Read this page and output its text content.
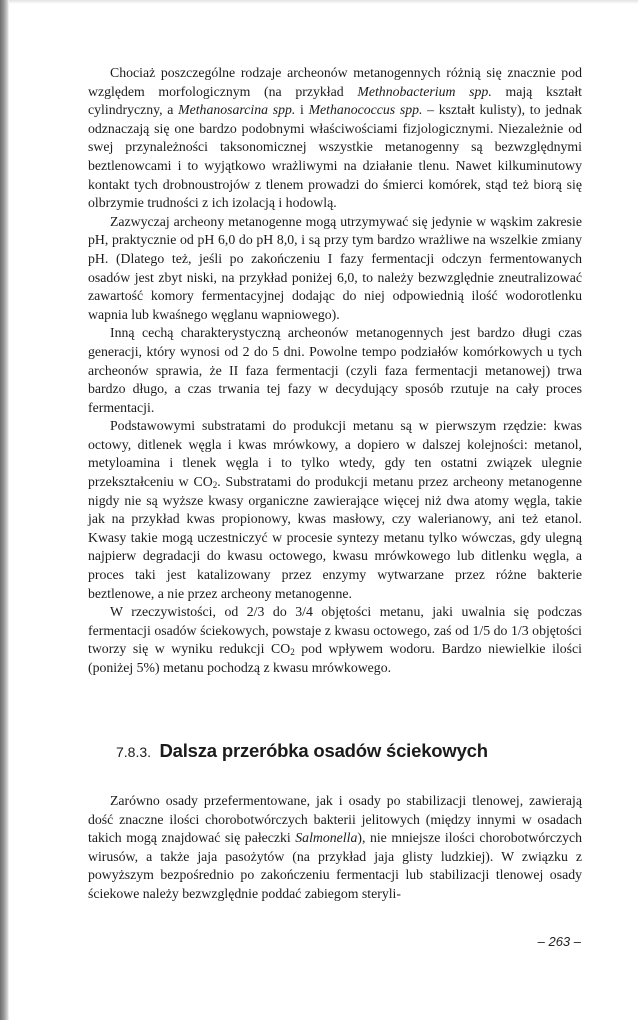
Chociaż poszczególne rodzaje archeonów metanogennych różnią się znacznie pod względem morfologicznym (na przykład Methnobacterium spp. mają kształt cylindryczny, a Methanosarcina spp. i Methanococcus spp. – kształt kulisty), to jednak odznaczają się one bardzo podobnymi właściwościami fizjologicznymi. Niezależnie od swej przynależności taksonomicznej wszystkie metanogenny są bezwzględnymi beztlenowcami i to wyjątkowo wrażliwymi na działanie tlenu. Nawet kilkuminutowy kontakt tych drobnoustrojów z tlenem prowadzi do śmierci komórek, stąd też biorą się olbrzymie trudności z ich izolacją i hodowlą.

Zazwyczaj archeony metanogenne mogą utrzymywać się jedynie w wąskim zakresie pH, praktycznie od pH 6,0 do pH 8,0, i są przy tym bardzo wrażliwe na wszelkie zmiany pH. (Dlatego też, jeśli po zakończeniu I fazy fermentacji odczyn fermentowanych osadów jest zbyt niski, na przykład poniżej 6,0, to należy bezwzględnie zneutralizować zawartość komory fermentacyjnej dodając do niej odpowiednią ilość wodorotlenku wapnia lub kwaśnego węglanu wapniowego).

Inną cechą charakterystyczną archeonów metanogennych jest bardzo długi czas generacji, który wynosi od 2 do 5 dni. Powolne tempo podziałów komórkowych u tych archeonów sprawia, że II faza fermentacji (czyli faza fermentacji metanowej) trwa bardzo długo, a czas trwania tej fazy w decydujący sposób rzutuje na cały proces fermentacji.

Podstawowymi substratami do produkcji metanu są w pierwszym rzędzie: kwas octowy, ditlenek węgla i kwas mrówkowy, a dopiero w dalszej kolejności: metanol, metyloamina i tlenek węgla i to tylko wtedy, gdy ten ostatni związek ulegnie przekształceniu w $CO_2$. Substratami do produkcji metanu przez archeony metanogenne nigdy nie są wyższe kwasy organiczne zawierające więcej niż dwa atomy węgla, takie jak na przykład kwas propionowy, kwas masłowy, czy walerianowy, ani też etanol. Kwasy takie mogą uczestniczyć w procesie syntezy metanu tylko wówczas, gdy ulegną najpierw degradacji do kwasu octowego, kwasu mrówkowego lub ditlenku węgla, a proces taki jest katalizowany przez enzymy wytwarzane przez różne bakterie beztlenowe, a nie przez archeony metanogenne.

W rzeczywistości, od 2/3 do 3/4 objętości metanu, jaki uwalnia się podczas fermentacji osadów ściekowych, powstaje z kwasu octowego, zaś od 1/5 do 1/3 objętości tworzy się w wyniku redukcji $CO_2$ pod wpływem wodoru. Bardzo niewielkie ilości (poniżej 5%) metanu pochodzą z kwasu mrówkowego.

7.8.3. Dalsza przeróbka osadów ściekowych

Zarówno osady przefermentowane, jak i osady po stabilizacji tlenowej, zawierają dość znaczne ilości chorobotwórczych bakterii jelitowych (między innymi w osadach takich mogą znajdować się pałeczki Salmonella), nie mniejsze ilości chorobotwórczych wirusów, a także jaja pasożytów (na przykład jaja glisty ludzkiej). W związku z powyższym bezpośrednio po zakończeniu fermentacji lub stabilizacji tlenowej osady ściekowe należy bezwzględnie poddać zabiegom steryli-

– 263 –
